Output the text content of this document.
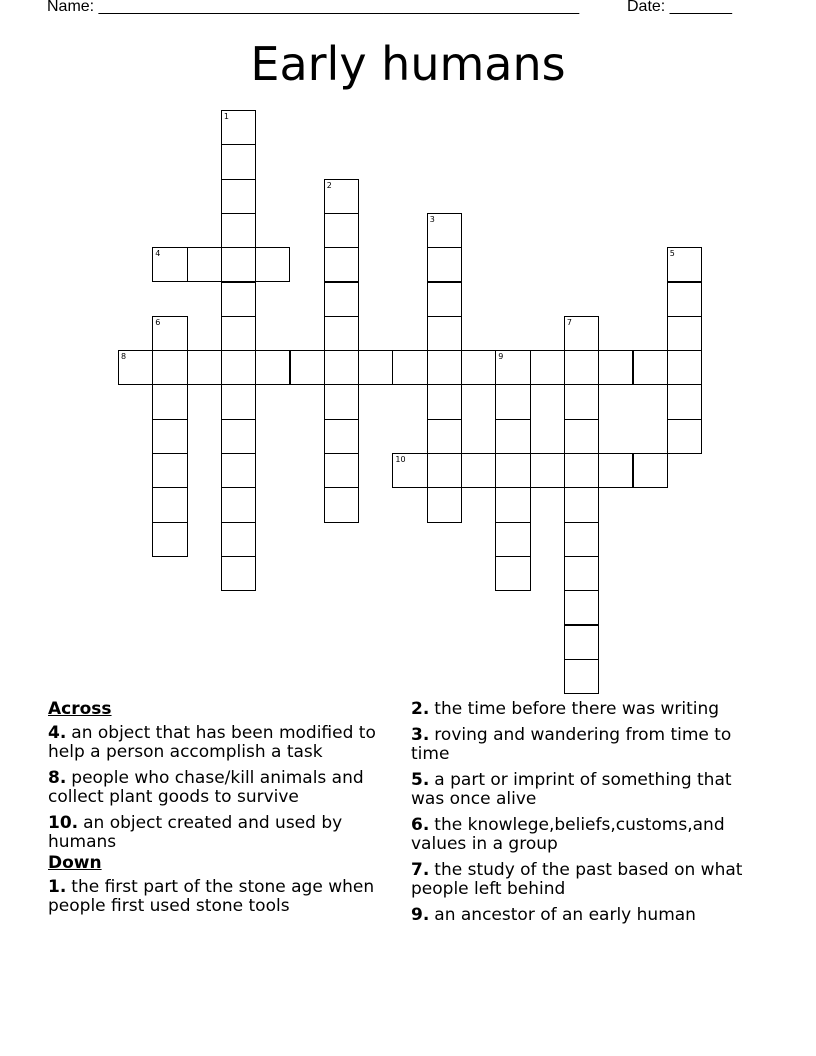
Name: ______________________________________________________	Date: _______
Early humans
1
2
3
4	5
6	7
8	9
10
Across
4. an object that has been modified to help a person accomplish a task
8. people who chase/kill animals and collect plant goods to survive
10. an object created and used by humans
Down
1. the first part of the stone age when people first used stone tools
2. the time before there was writing
3. roving and wandering from time to time
5. a part or imprint of something that was once alive
6. the knowlege,beliefs,customs,and values in a group
7. the study of the past based on what people left behind
9. an ancestor of an early human
